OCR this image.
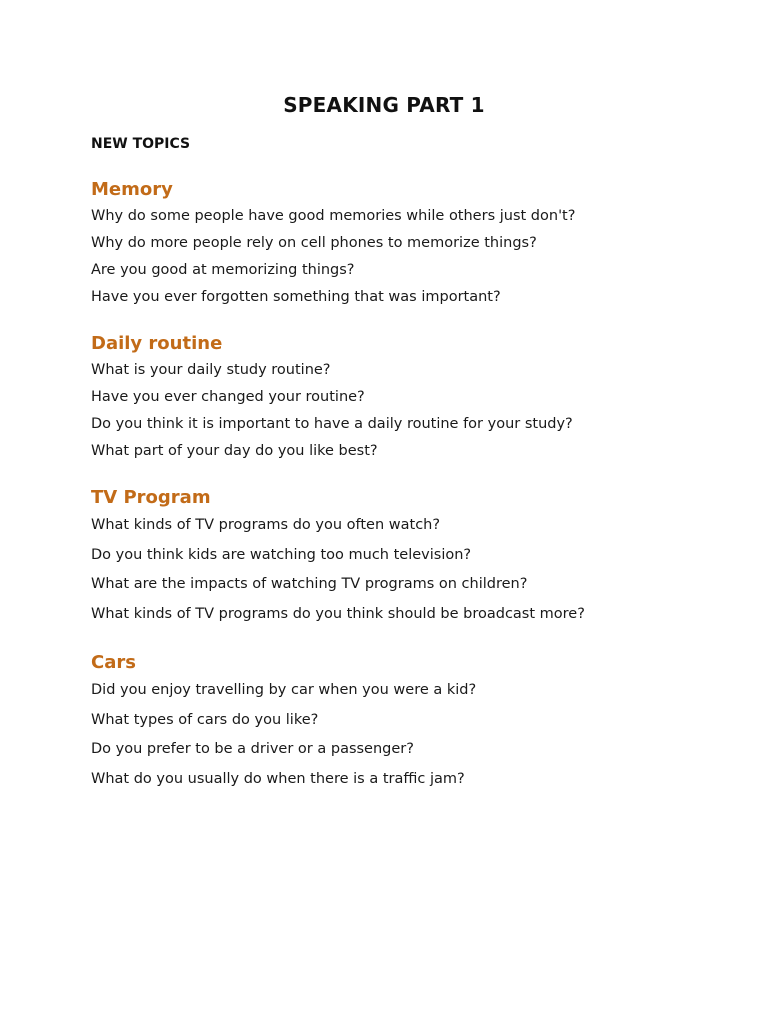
SPEAKING PART 1
NEW TOPICS
Memory
Why do some people have good memories while others just don't?
Why do more people rely on cell phones to memorize things?
Are you good at memorizing things?
Have you ever forgotten something that was important?
Daily routine
What is your daily study routine?
Have you ever changed your routine?
Do you think it is important to have a daily routine for your study?
What part of your day do you like best?
TV Program
What kinds of TV programs do you often watch?
Do you think kids are watching too much television?
What are the impacts of watching TV programs on children?
What kinds of TV programs do you think should be broadcast more?
Cars
Did you enjoy travelling by car when you were a kid?
What types of cars do you like?
Do you prefer to be a driver or a passenger?
What do you usually do when there is a traffic jam?
